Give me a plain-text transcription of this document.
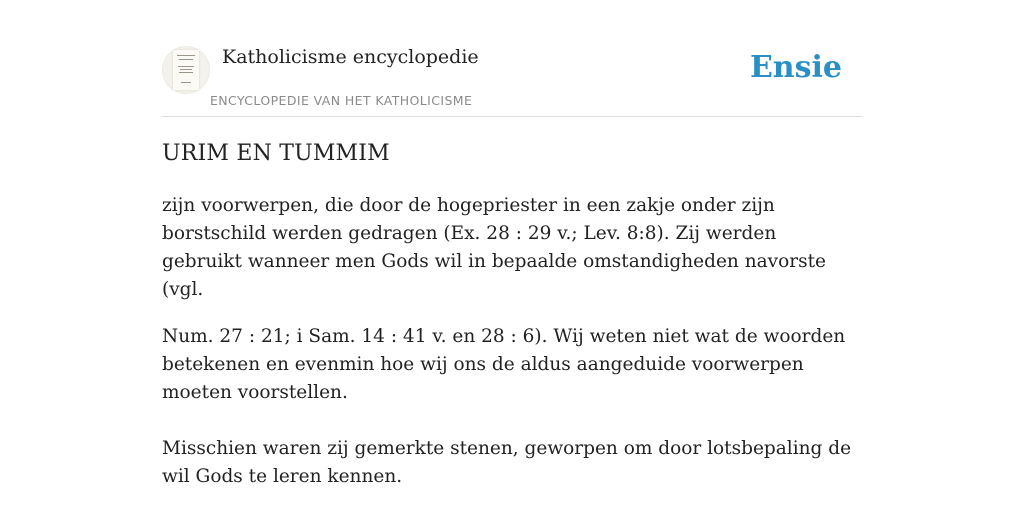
Katholicisme encyclopedie
ENCYCLOPEDIE VAN HET KATHOLICISME
Ensie
URIM EN TUMMIM

zijn voorwerpen, die door de hogepriester in een zakje onder zijn borstschild werden gedragen (Ex. 28 : 29 v.; Lev. 8:8). Zij werden gebruikt wanneer men Gods wil in bepaalde omstandigheden navorste (vgl.

Num. 27 : 21; i Sam. 14 : 41 v. en 28 : 6). Wij weten niet wat de woorden betekenen en evenmin hoe wij ons de aldus aangeduide voorwerpen moeten voorstellen.

Misschien waren zij gemerkte stenen, geworpen om door lotsbepaling de wil Gods te leren kennen.
